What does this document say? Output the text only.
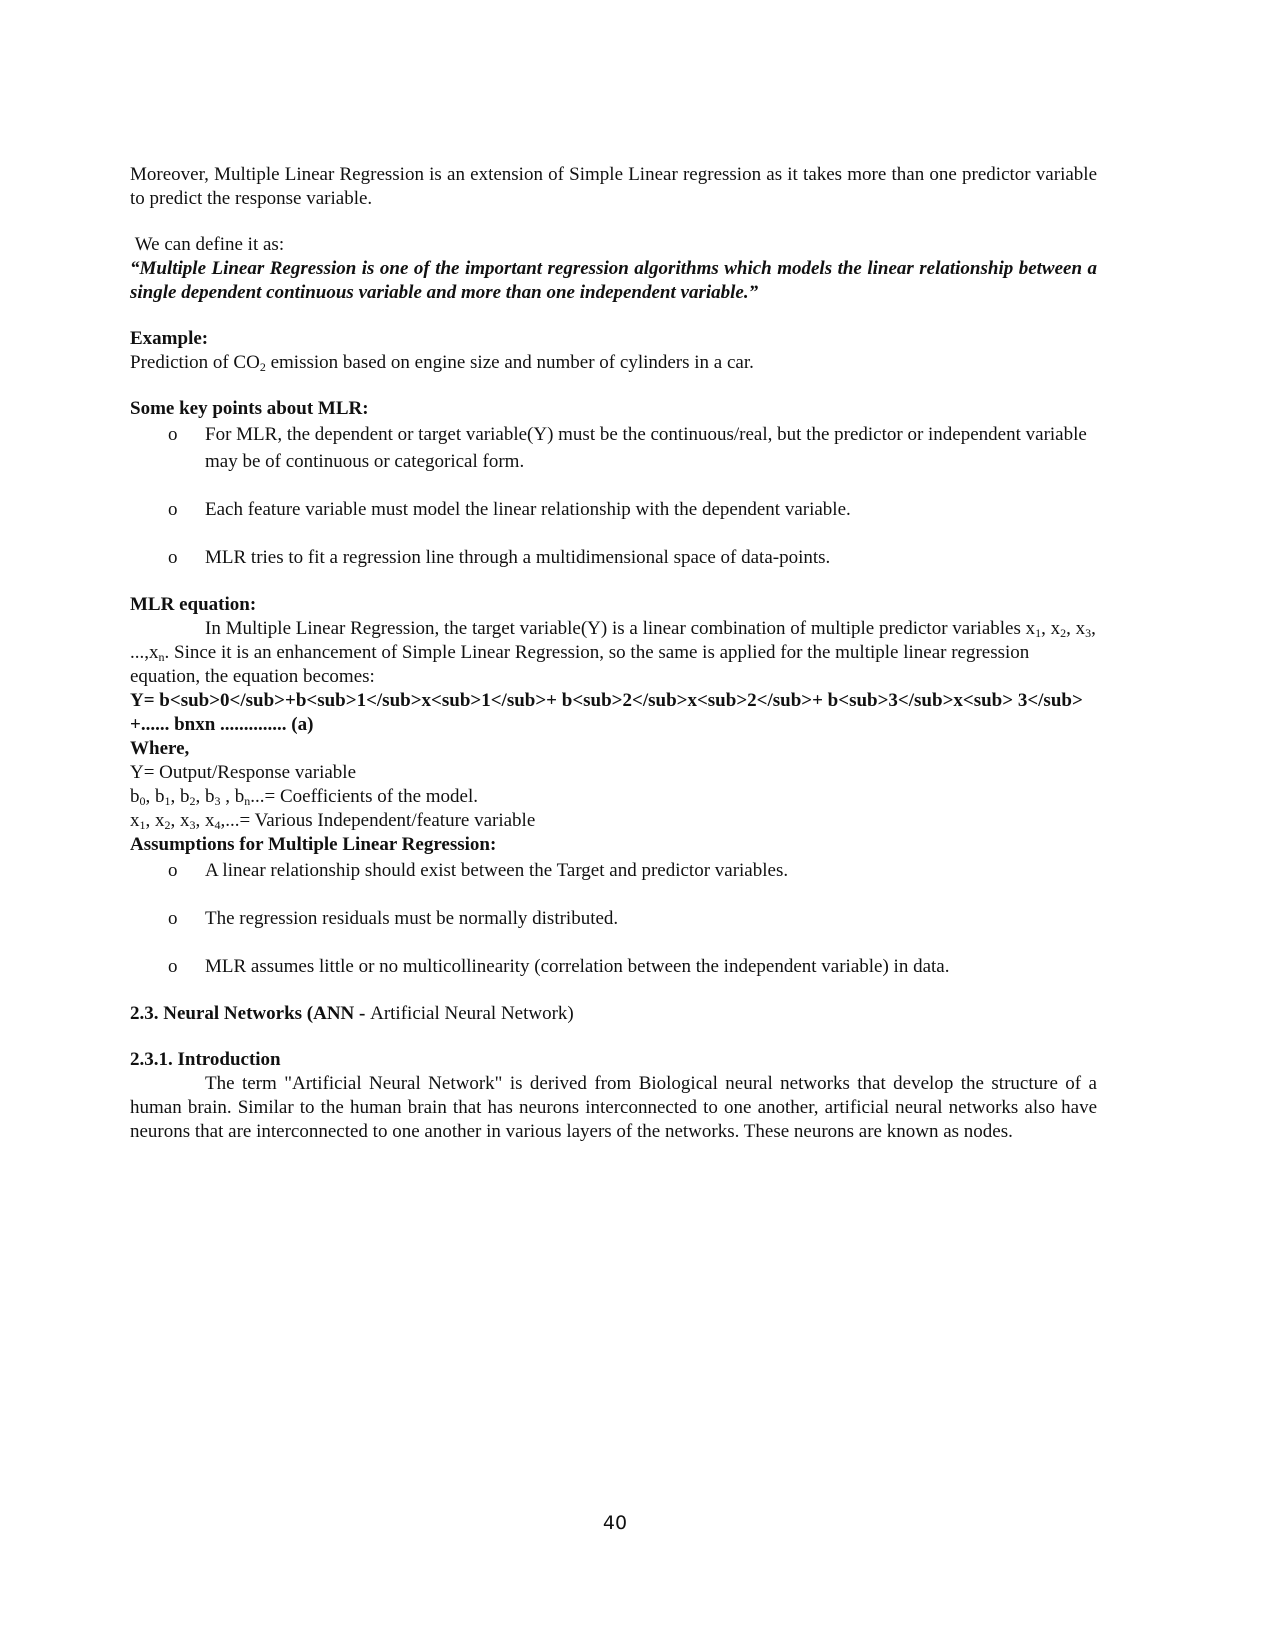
Moreover, Multiple Linear Regression is an extension of Simple Linear regression as it takes more than one predictor variable to predict the response variable.

We can define it as:

“Multiple Linear Regression is one of the important regression algorithms which models the linear relationship between a single dependent continuous variable and more than one independent variable.”

Example:

Prediction of $CO_2$ emission based on engine size and number of cylinders in a car.

Some key points about MLR:

o For MLR, the dependent or target variable(Y) must be the continuous/real, but the predictor or independent variable may be of continuous or categorical form.
o Each feature variable must model the linear relationship with the dependent variable.
o MLR tries to fit a regression line through a multidimensional space of data-points.

MLR equation:

In Multiple Linear Regression, the target variable(Y) is a linear combination of multiple predictor variables $x_1$, $x_2$, $x_3$, $...,x_n$. Since it is an enhancement of Simple Linear Regression, so the same is applied for the multiple linear regression equation, the equation becomes:

Y= b<sub>0</sub>+b<sub>1</sub>x<sub>1</sub>+ b<sub>2</sub>x<sub>2</sub>+ b<sub>3</sub>x<sub> 3</sub>+...... bnxn .............. (a)

Where,

Y= Output/Response variable

$b_0$, $b_1$, $b_2$, $b_3$ , $b_n...=$ Coefficients of the model.

$x_1$, $x_2$, $x_3$, $x_4,...=$ Various Independent/feature variable

Assumptions for Multiple Linear Regression:

o A linear relationship should exist between the Target and predictor variables.
o The regression residuals must be normally distributed.
o MLR assumes little or no multicollinearity (correlation between the independent variable) in data.

2.3. Neural Networks (ANN - Artificial Neural Network)

2.3.1. Introduction

The term "Artificial Neural Network" is derived from Biological neural networks that develop the structure of a human brain. Similar to the human brain that has neurons interconnected to one another, artificial neural networks also have neurons that are interconnected to one another in various layers of the networks. These neurons are known as nodes.

40
